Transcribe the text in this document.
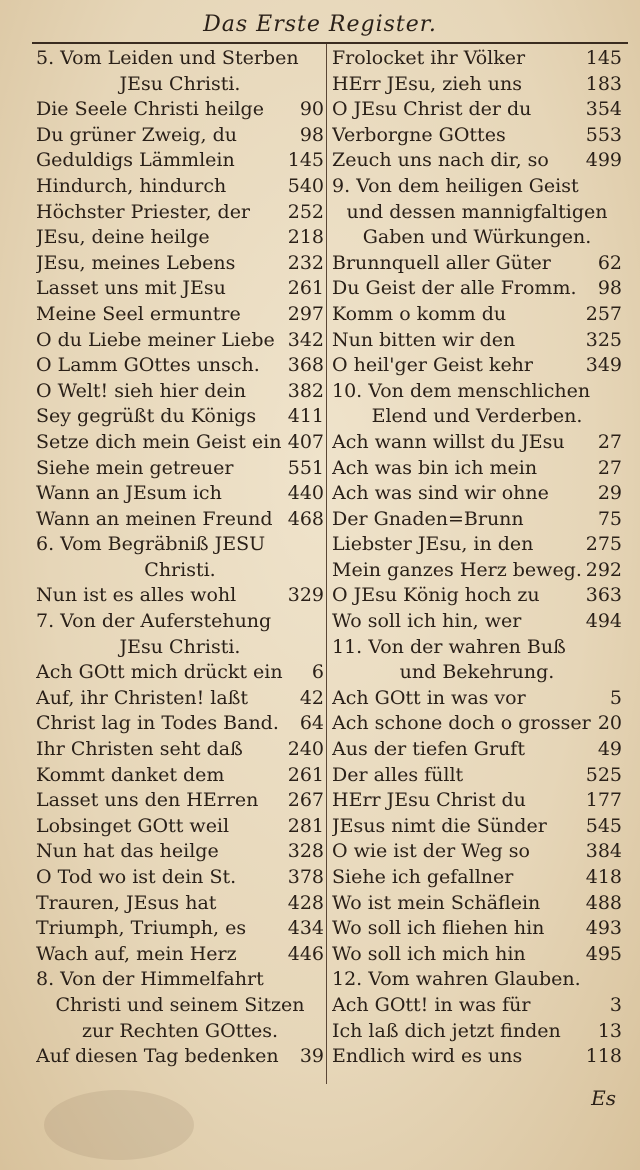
Das Erste Register.
5. Vom Leiden und Sterben
JEsu Christi.
Die Seele Christi heilge	90
Du grüner Zweig, du	98
Geduldigs Lämmlein	145
Hindurch, hindurch	540
Höchster Priester, der	252
JEsu, deine heilge	218
JEsu, meines Lebens	232
Lasset uns mit JEsu	261
Meine Seel ermuntre	297
O du Liebe meiner Liebe 342
O Lamm GOttes unsch.	368
O Welt! sieh hier dein	382
Sey gegrüßt du Königs	411
Setze dich mein Geist ein 407
Siehe mein getreuer	551
Wann an JEsum ich	440
Wann an meinen Freund 468
6. Vom Begräbniß JESU
Christi.
Nun ist es alles wohl	329
7. Von der Auferstehung
JEsu Christi.
Ach GOtt mich drückt ein	6
Auf, ihr Christen! laßt	42
Christ lag in Todes Band.	64
Ihr Christen seht daß	240
Kommt danket dem	261
Lasset uns den HErren	267
Lobsinget GOtt weil	281
Nun hat das heilge	328
O Tod wo ist dein St.	378
Trauren, JEsus hat	428
Triumph, Triumph, es	434
Wach auf, mein Herz	446
8. Von der Himmelfahrt
Christi und seinem Sitzen
zur Rechten GOttes.
Auf diesen Tag bedenken	39
Frolocket ihr Völker	145
HErr JEsu, zieh uns	183
O JEsu Christ der du	354
Verborgne GOttes	553
Zeuch uns nach dir, so	499
9. Von dem heiligen Geist
und dessen mannigfaltigen
Gaben und Würkungen.
Brunnquell aller Güter	62
Du Geist der alle Fromm.	98
Komm o komm du	257
Nun bitten wir den	325
O heil'ger Geist kehr	349
10. Von dem menschlichen
Elend und Verderben.
Ach wann willst du JEsu	27
Ach was bin ich mein	27
Ach was sind wir ohne	29
Der Gnaden=Brunn	75
Liebster JEsu, in den	275
Mein ganzes Herz beweg. 292
O JEsu König hoch zu	363
Wo soll ich hin, wer	494
11. Von der wahren Buß
und Bekehrung.
Ach GOtt in was vor	5
Ach schone doch o grosser 20
Aus der tiefen Gruft	49
Der alles füllt	525
HErr JEsu Christ du	177
JEsus nimt die Sünder	545
O wie ist der Weg so	384
Siehe ich gefallner	418
Wo ist mein Schäflein	488
Wo soll ich fliehen hin	493
Wo soll ich mich hin	495
12. Vom wahren Glauben.
Ach GOtt! in was für	3
Ich laß dich jetzt finden	13
Endlich wird es uns	118
Es
